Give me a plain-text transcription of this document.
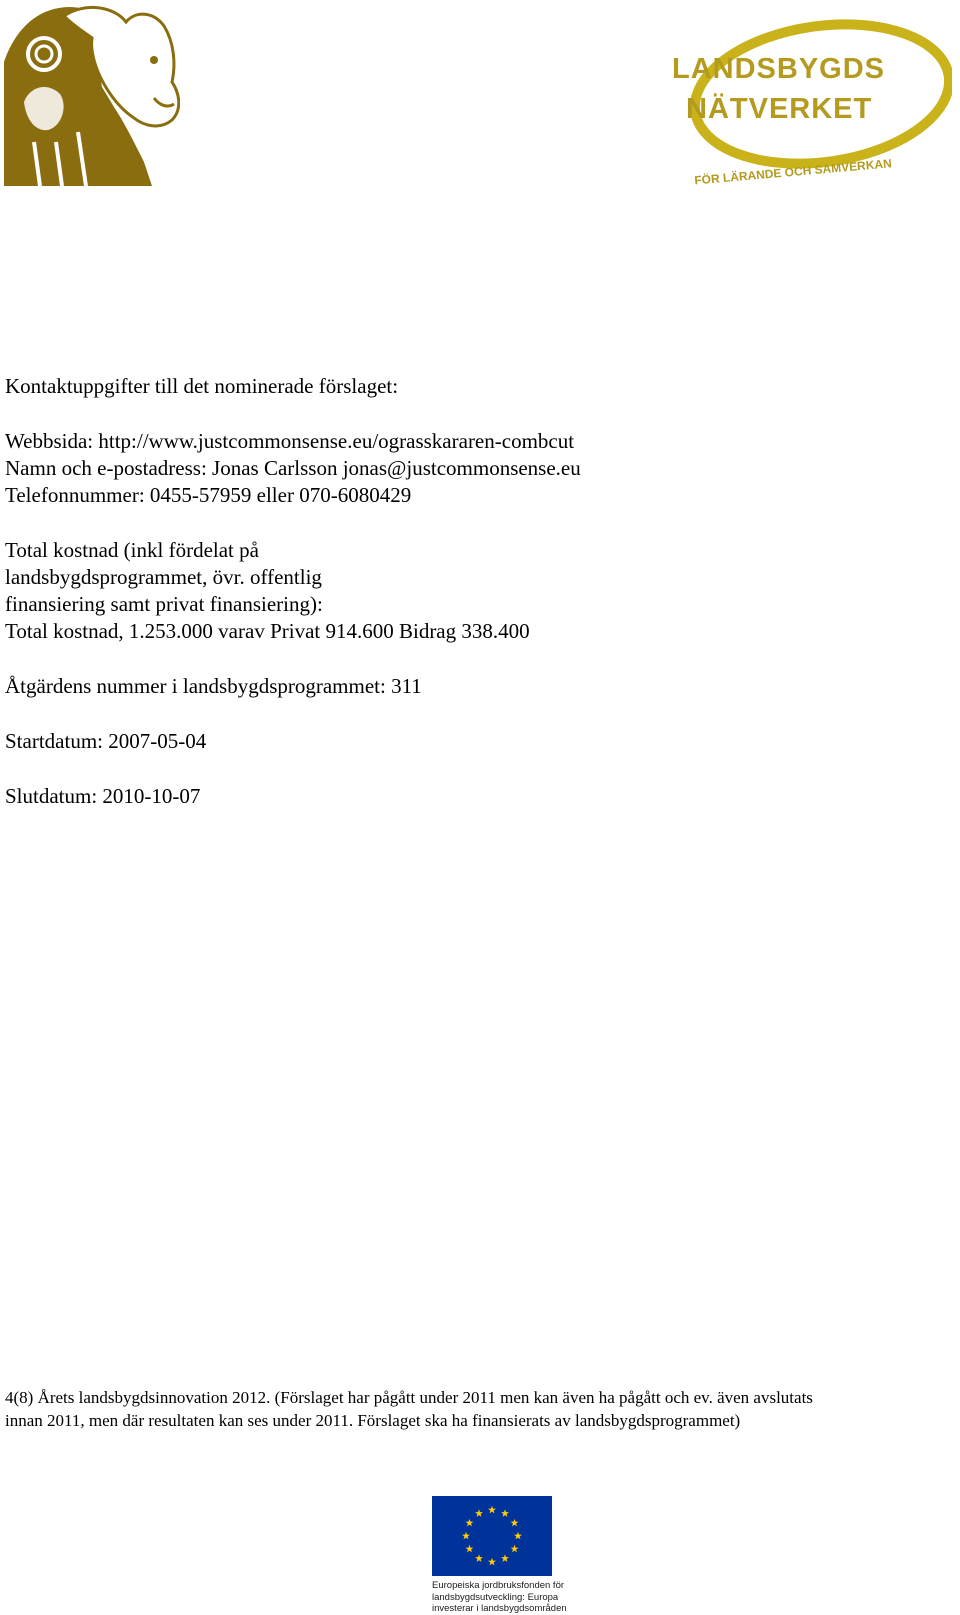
LANDSBYGDS
NÄTVERKET
FÖR LÄRANDE OCH SAMVERKAN
Kontaktuppgifter till det nominerade förslaget:
Webbsida: http://www.justcommonsense.eu/ograsskararen-combcut
Namn och e-postadress: Jonas Carlsson jonas@justcommonsense.eu
Telefonnummer: 0455-57959 eller 070-6080429
Total kostnad (inkl fördelat på
landsbygdsprogrammet, övr. offentlig
finansiering samt privat finansiering):
Total kostnad, 1.253.000 varav Privat 914.600 Bidrag 338.400
Åtgärdens nummer i landsbygdsprogrammet: 311
Startdatum: 2007-05-04
Slutdatum: 2010-10-07
4(8) Årets landsbygdsinnovation 2012. (Förslaget har pågått under 2011 men kan även ha pågått och ev. även avslutats
innan 2011, men där resultaten kan ses under 2011. Förslaget ska ha finansierats av landsbygdsprogrammet)
Europeiska jordbruksfonden för
landsbygdsutveckling: Europa
investerar i landsbygdsområden
